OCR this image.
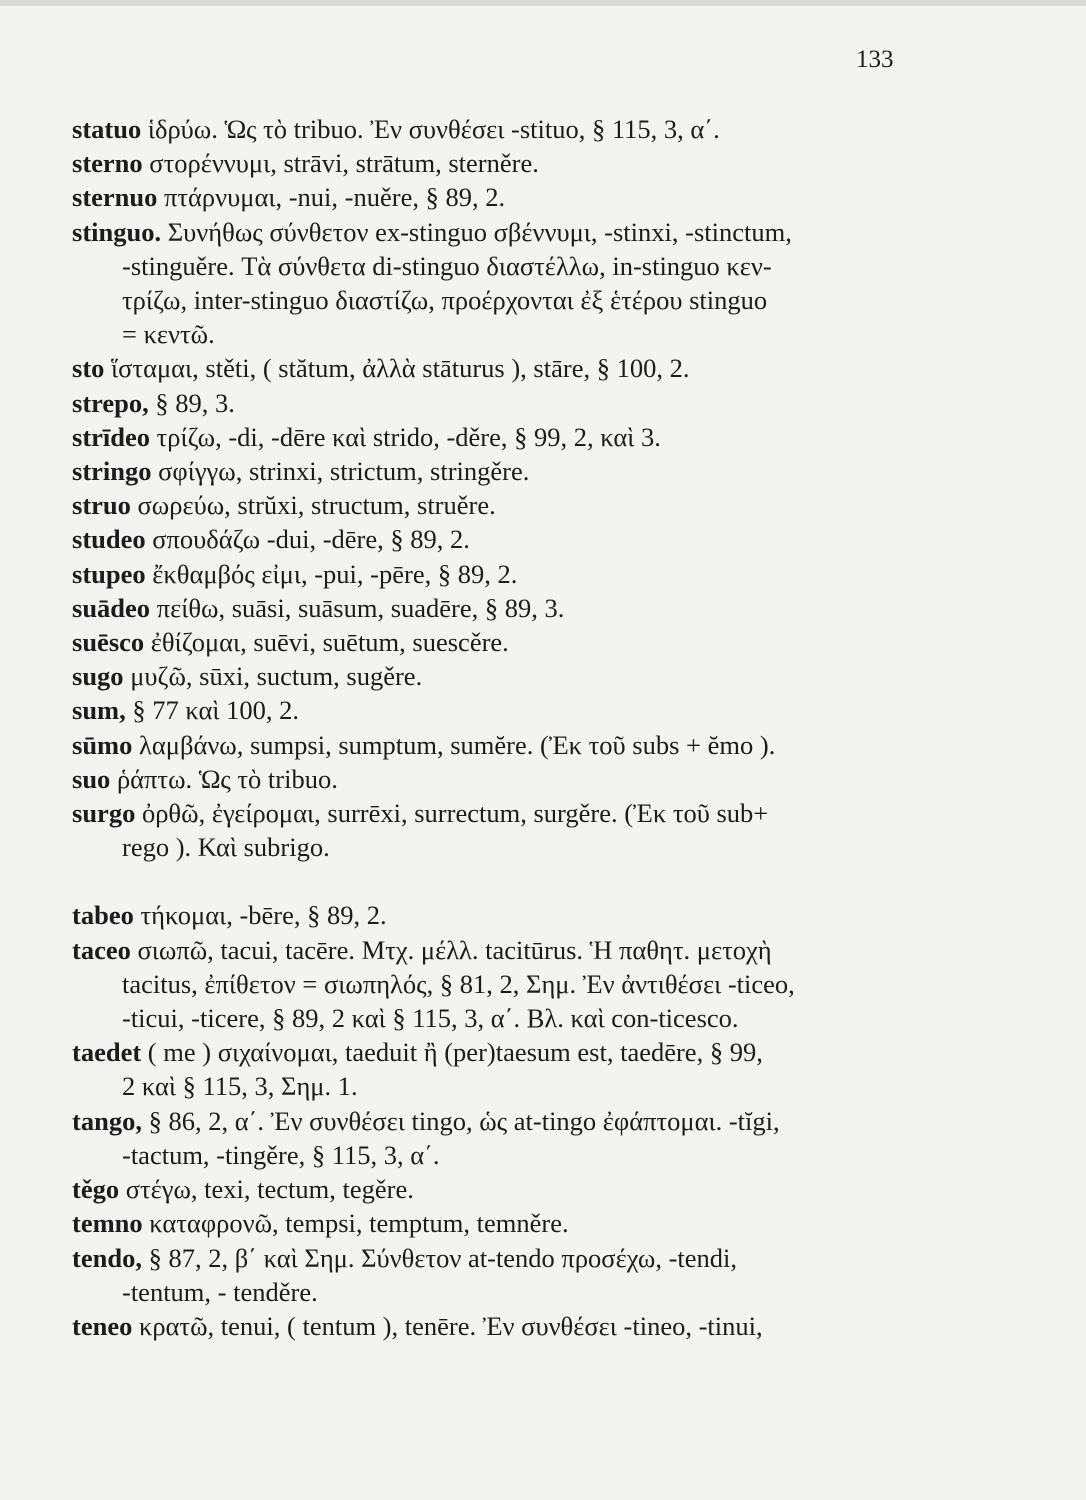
133
statuo ἱδρύω. Ὡς τὸ tribuo. Ἐν συνθέσει -stituo, § 115, 3, α΄.
sterno στορέννυμι, strāvi, strātum, sterněre.
sternuo πτάρνυμαι, -nui, -nuěre, § 89, 2.
stinguo. Συνήθως σύνθετον ex-stinguo σβέννυμι, -stinxi, -stinctum,
-stinguěre. Τὰ σύνθετα di-stinguo διαστέλλω, in-stinguo κεν-
τρίζω, inter-stinguo διαστίζω, προέρχονται ἐξ ἑτέρου stinguo
= κεντῶ.
sto ἵσταμαι, stěti, ( stătum, ἀλλὰ stāturus ), stāre, § 100, 2.
strepo, § 89, 3.
strīdeo τρίζω, -di, -dēre καὶ strido, -děre, § 99, 2, καὶ 3.
stringo σφίγγω, strinxi, strictum, stringěre.
struo σωρεύω, strŭxi, structum, struěre.
studeo σπουδάζω -dui, -dēre, § 89, 2.
stupeo ἔκθαμβός εἰμι, -pui, -pēre, § 89, 2.
suādeo πείθω, suāsi, suāsum, suadēre, § 89, 3.
suēsco ἐθίζομαι, suēvi, suētum, suescěre.
sugo μυζῶ, sūxi, suctum, sugěre.
sum, § 77 καὶ 100, 2.
sūmo λαμβάνω, sumpsi, sumptum, sumĕre. (Ἐκ τοῦ subs + ĕmo ).
suo ῥάπτω. Ὡς τὸ tribuo.
surgo ὀρθῶ, ἐγείρομαι, surrēxi, surrectum, surgěre. (Ἐκ τοῦ sub+
rego ). Καὶ subrigo.
tabeo τήκομαι, -bēre, § 89, 2.
taceo σιωπῶ, tacui, tacēre. Μτχ. μέλλ. tacitūrus. Ἡ παθητ. μετοχὴ
tacitus, ἐπίθετον = σιωπηλός, § 81, 2, Σημ. Ἐν ἀντιθέσει -ticeo,
-ticui, -ticere, § 89, 2 καὶ § 115, 3, α΄. Βλ. καὶ con-ticesco.
taedet ( me ) σιχαίνομαι, taeduit ἢ (per)taesum est, taedēre, § 99,
2 καὶ § 115, 3, Σημ. 1.
tango, § 86, 2, α΄. Ἐν συνθέσει tingo, ὡς at-tingo ἐφάπτομαι. -tĭgi,
-tactum, -tingěre, § 115, 3, α΄.
těgo στέγω, texi, tectum, tegěre.
temno καταφρονῶ, tempsi, temptum, temněre.
tendo, § 87, 2, β΄ καὶ Σημ. Σύνθετον at-tendo προσέχω, -tendi,
-tentum, - tenděre.
teneo κρατῶ, tenui, ( tentum ), tenēre. Ἐν συνθέσει -tineo, -tinui,
